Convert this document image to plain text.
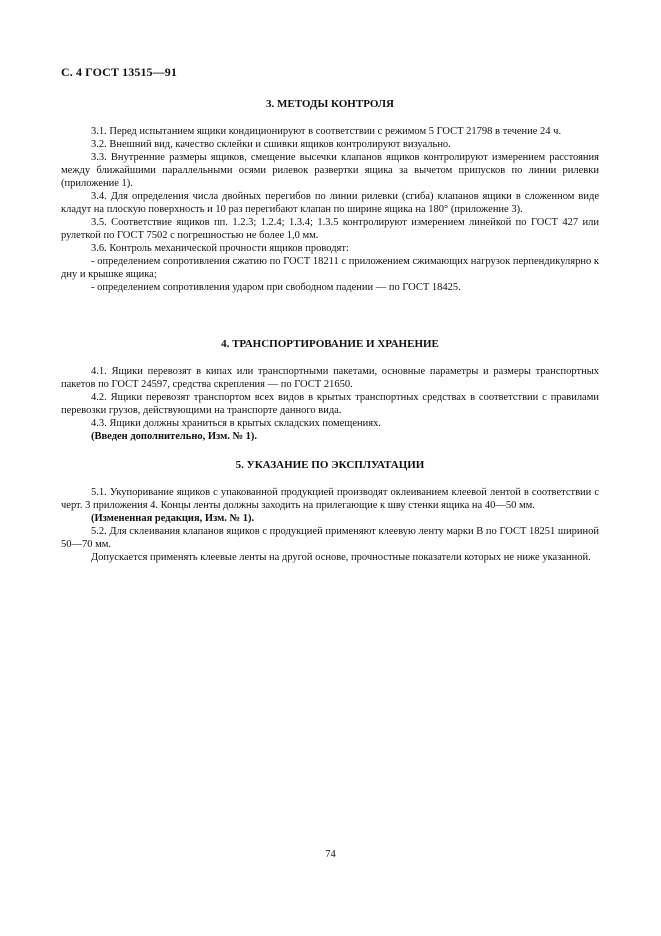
С. 4 ГОСТ 13515—91
3. МЕТОДЫ КОНТРОЛЯ

3.1. Перед испытанием ящики кондиционируют в соответствии с режимом 5 ГОСТ 21798 в течение 24 ч.

3.2. Внешний вид, качество склейки и сшивки ящиков контролируют визуально.

3.3. Внутренние размеры ящиков, смещение высечки клапанов ящиков контролируют измерением расстояния между ближайшими параллельными осями рилевок развертки ящика за вычетом припусков по линии рилевки (приложение 1).

3.4. Для определения числа двойных перегибов по линии рилевки (сгиба) клапанов ящики в сложенном виде кладут на плоскую поверхность и 10 раз перегибают клапан по ширине ящика на 180° (приложение 3).

3.5. Соответствие ящиков пп. 1.2.3; 1.2.4; 1.3.4; 1.3.5 контролируют измерением линейкой по ГОСТ 427 или рулеткой по ГОСТ 7502 с погрешностью не более 1,0 мм.

3.6. Контроль механической прочности ящиков проводят:

- определением сопротивления сжатию по ГОСТ 18211 с приложением сжимающих нагрузок перпендикулярно к дну и крышке ящика;

- определением сопротивления ударом при свободном падении — по ГОСТ 18425.

4. ТРАНСПОРТИРОВАНИЕ И ХРАНЕНИЕ

4.1. Ящики перевозят в кипах или транспортными пакетами, основные параметры и размеры транспортных пакетов по ГОСТ 24597, средства скрепления — по ГОСТ 21650.

4.2. Ящики перевозят транспортом всех видов в крытых транспортных средствах в соответствии с правилами перевозки грузов, действующими на транспорте данного вида.

4.3. Ящики должны храниться в крытых складских помещениях.

(Введен дополнительно, Изм. № 1).

5. УКАЗАНИЕ ПО ЭКСПЛУАТАЦИИ

5.1. Укупоривание ящиков с упакованной продукцией производят оклеиванием клеевой лентой в соответствии с черт. 3 приложения 4. Концы ленты должны заходить на прилегающие к шву стенки ящика на 40—50 мм.

(Измененная редакция, Изм. № 1).

5.2. Для склеивания клапанов ящиков с продукцией применяют клеевую ленту марки В по ГОСТ 18251 шириной 50—70 мм.

Допускается применять клеевые ленты на другой основе, прочностные показатели которых не ниже указанной.

74
